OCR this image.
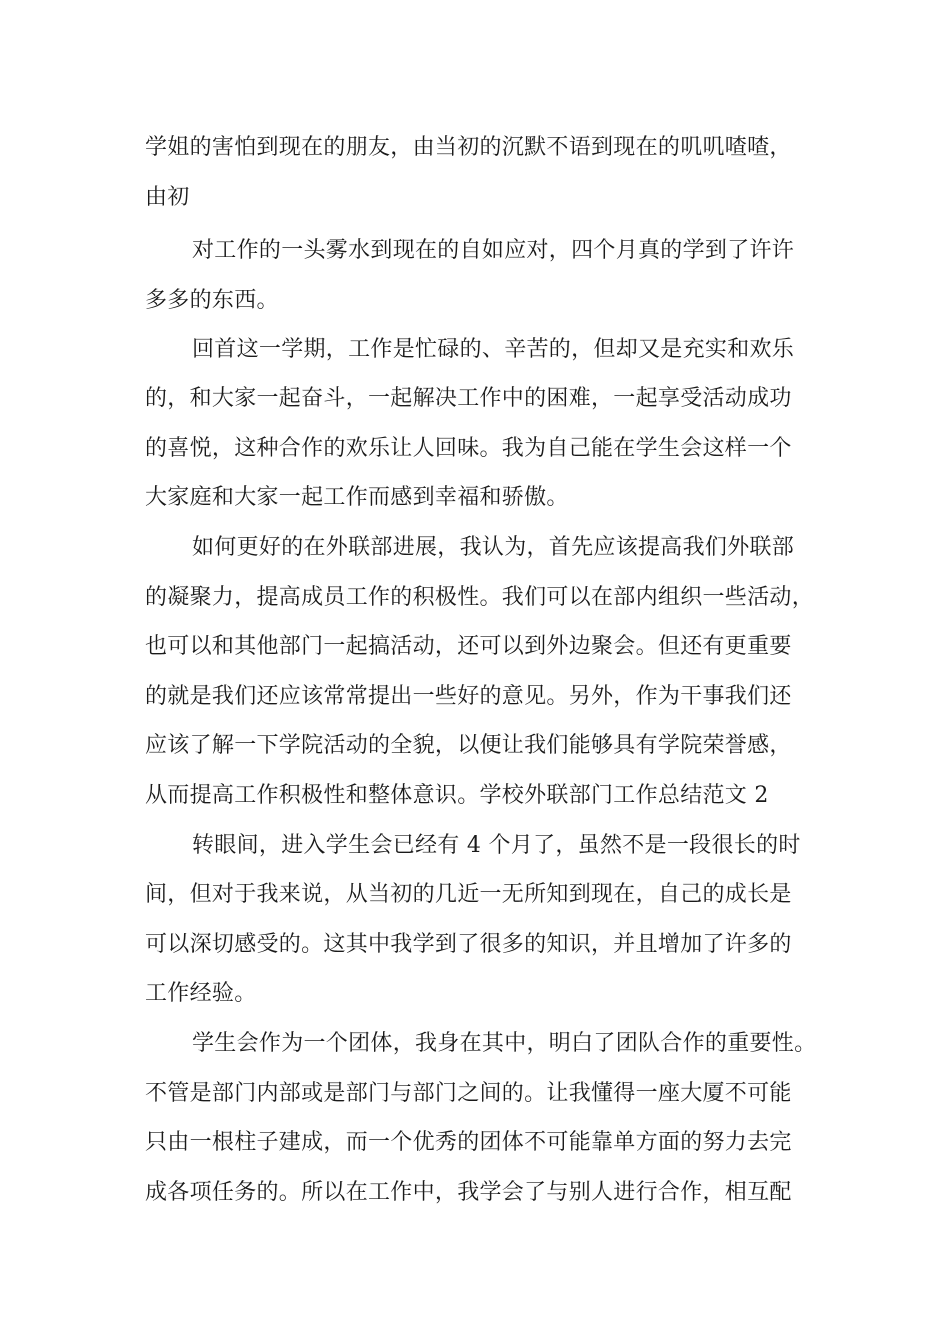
学姐的害怕到现在的朋友，由当初的沉默不语到现在的叽叽喳喳，

由初

对工作的一头雾水到现在的自如应对，四个月真的学到了许许

多多的东西。

回首这一学期，工作是忙碌的、辛苦的，但却又是充实和欢乐

的，和大家一起奋斗，一起解决工作中的困难，一起享受活动成功

的喜悦，这种合作的欢乐让人回味。我为自己能在学生会这样一个

大家庭和大家一起工作而感到幸福和骄傲。

如何更好的在外联部进展，我认为，首先应该提高我们外联部

的凝聚力，提高成员工作的积极性。我们可以在部内组织一些活动，

也可以和其他部门一起搞活动，还可以到外边聚会。但还有更重要

的就是我们还应该常常提出一些好的意见。另外，作为干事我们还

应该了解一下学院活动的全貌，以便让我们能够具有学院荣誉感，

从而提高工作积极性和整体意识。学校外联部门工作总结范文 2

转眼间，进入学生会已经有 4 个月了，虽然不是一段很长的时

间，但对于我来说，从当初的几近一无所知到现在，自己的成长是

可以深切感受的。这其中我学到了很多的知识，并且增加了许多的

工作经验。

学生会作为一个团体，我身在其中，明白了团队合作的重要性。

不管是部门内部或是部门与部门之间的。让我懂得一座大厦不可能

只由一根柱子建成，而一个优秀的团体不可能靠单方面的努力去完

成各项任务的。所以在工作中，我学会了与别人进行合作，相互配
